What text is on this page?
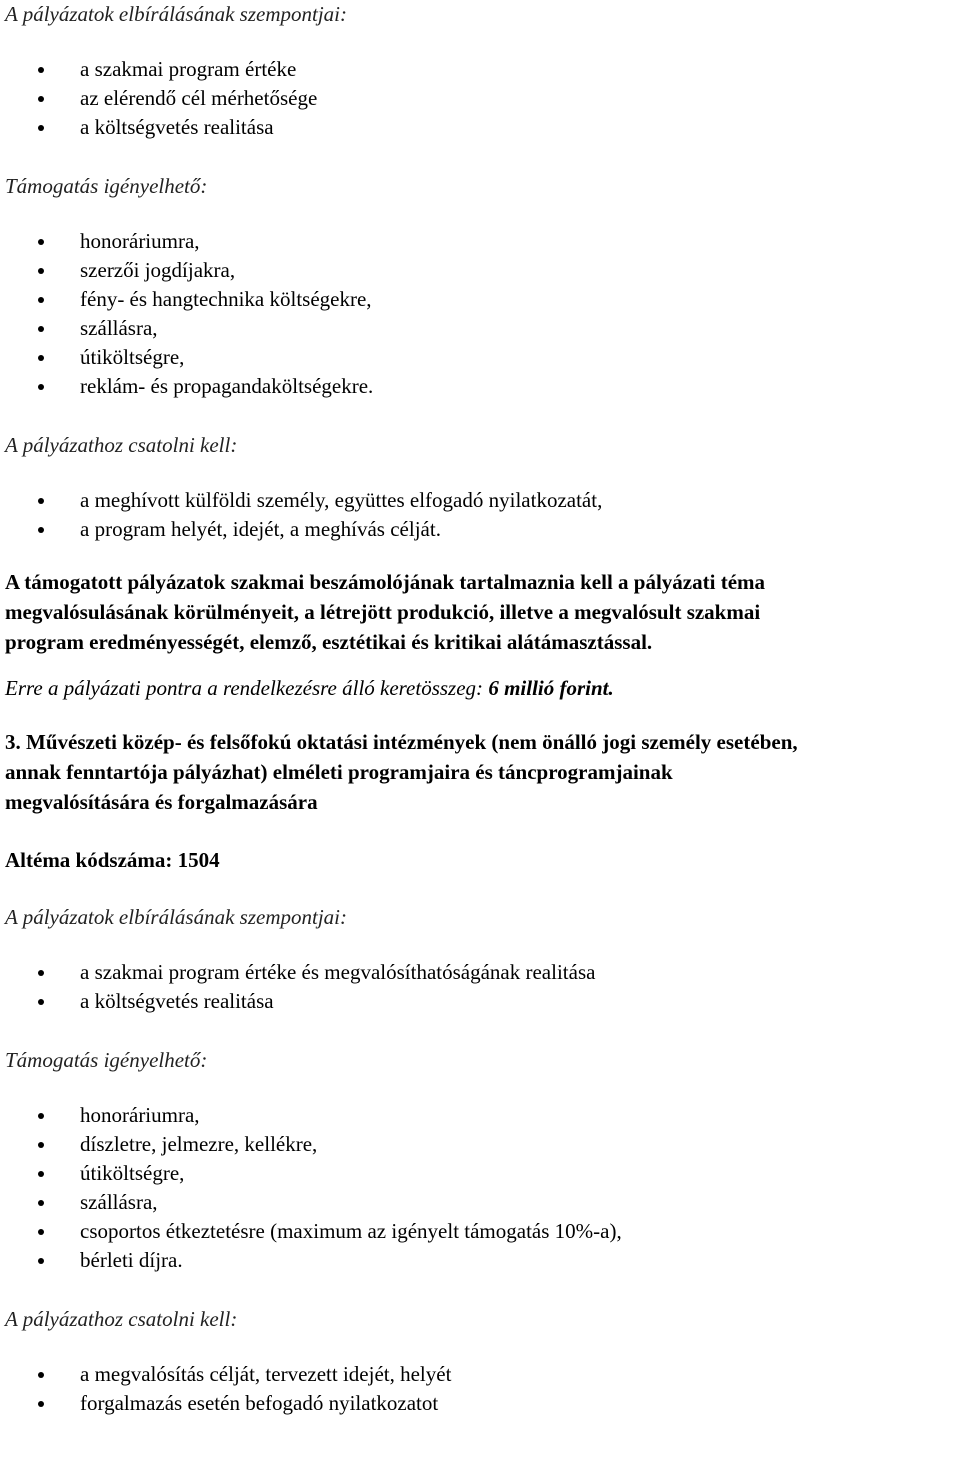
A pályázatok elbírálásának szempontjai:

a szakmai program értéke
az elérendő cél mérhetősége
a költségvetés realitása

Támogatás igényelhető:

honoráriumra,
szerzői jogdíjakra,
fény- és hangtechnika költségekre,
szállásra,
útiköltségre,
reklám- és propagandaköltségekre.

A pályázathoz csatolni kell:

a meghívott külföldi személy, együttes elfogadó nyilatkozatát,
a program helyét, idejét, a meghívás célját.

A támogatott pályázatok szakmai beszámolójának tartalmaznia kell a pályázati téma

megvalósulásának körülményeit, a létrejött produkció, illetve a megvalósult szakmai

program eredményességét, elemző, esztétikai és kritikai alátámasztással.

Erre a pályázati pontra a rendelkezésre álló keretösszeg: 6 millió forint.

3. Művészeti közép- és felsőfokú oktatási intézmények (nem önálló jogi személy esetében,

annak fenntartója pályázhat) elméleti programjaira és táncprogramjainak

megvalósítására és forgalmazására

Altéma kódszáma: 1504

A pályázatok elbírálásának szempontjai:

a szakmai program értéke és megvalósíthatóságának realitása
a költségvetés realitása

Támogatás igényelhető:

honoráriumra,
díszletre, jelmezre, kellékre,
útiköltségre,
szállásra,
csoportos étkeztetésre (maximum az igényelt támogatás 10%-a),
bérleti díjra.

A pályázathoz csatolni kell:

a megvalósítás célját, tervezett idejét, helyét
forgalmazás esetén befogadó nyilatkozatot
